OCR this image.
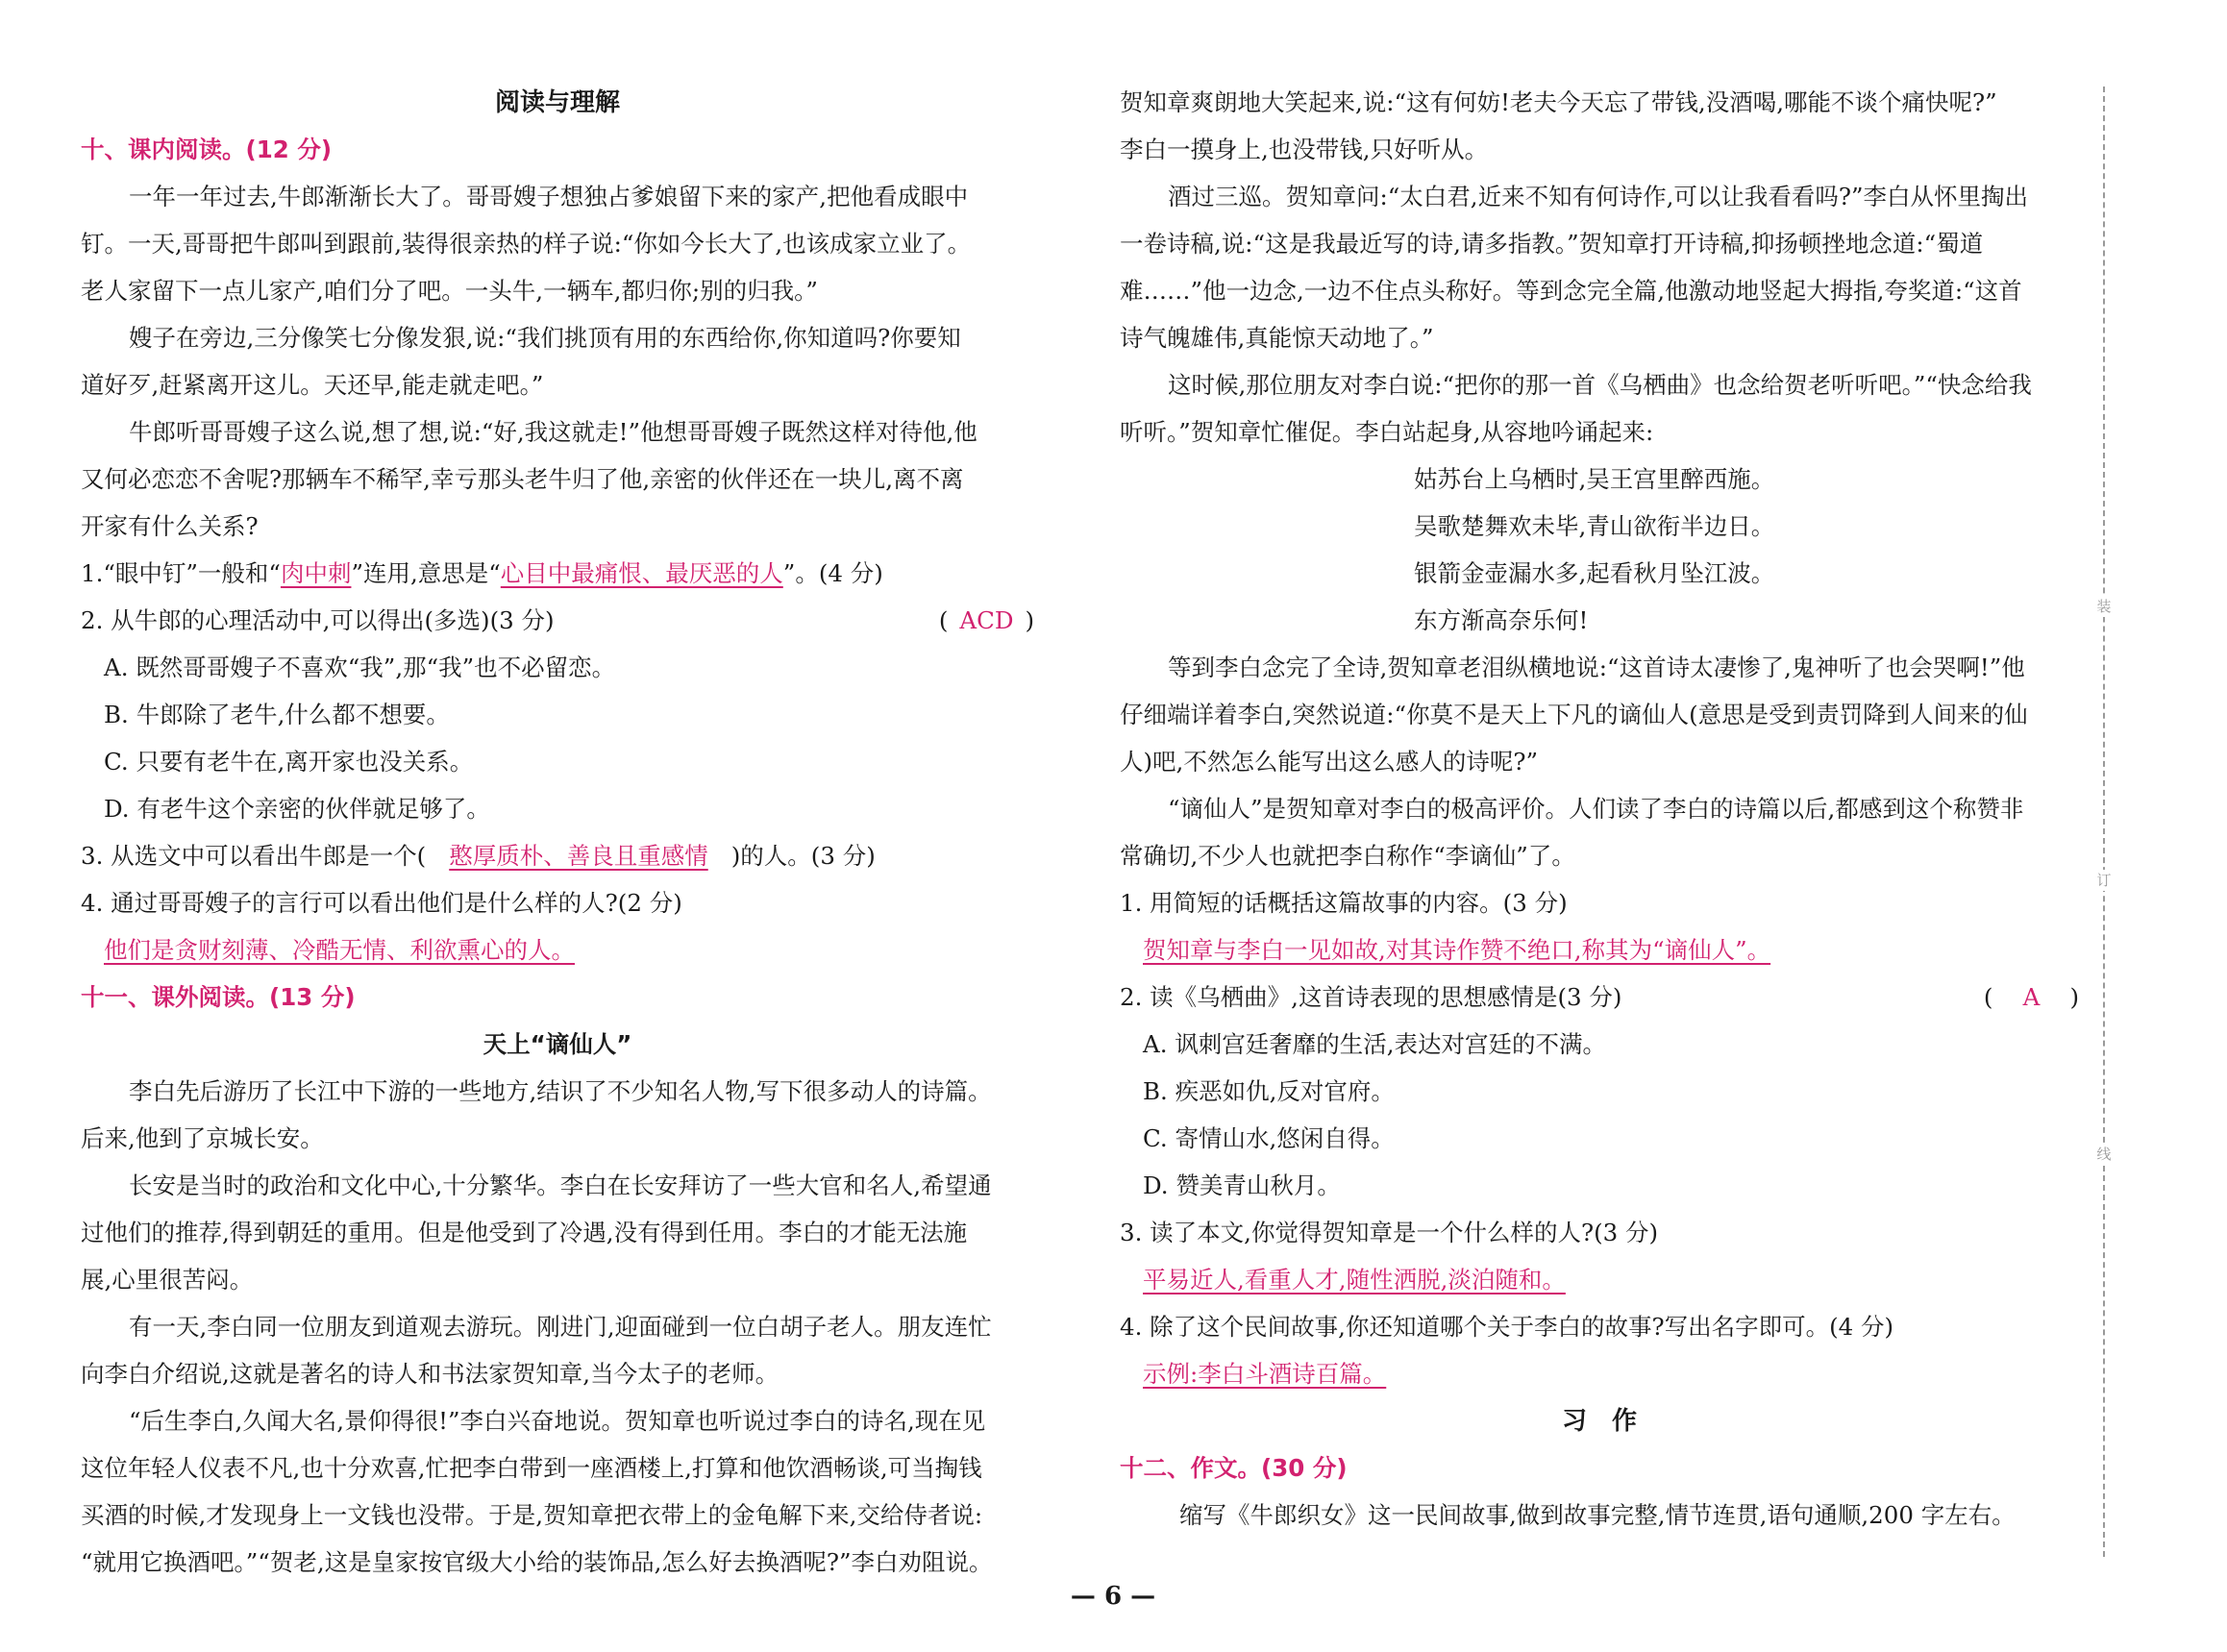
阅读与理解
十、课内阅读。(12 分)
一年一年过去,牛郎渐渐长大了。哥哥嫂子想独占爹娘留下来的家产,把他看成眼中
钉。一天,哥哥把牛郎叫到跟前,装得很亲热的样子说:“你如今长大了,也该成家立业了。
老人家留下一点儿家产,咱们分了吧。一头牛,一辆车,都归你;别的归我。”
嫂子在旁边,三分像笑七分像发狠,说:“我们挑顶有用的东西给你,你知道吗?你要知
道好歹,赶紧离开这儿。天还早,能走就走吧。”
牛郎听哥哥嫂子这么说,想了想,说:“好,我这就走!”他想哥哥嫂子既然这样对待他,他
又何必恋恋不舍呢?那辆车不稀罕,幸亏那头老牛归了他,亲密的伙伴还在一块儿,离不离
开家有什么关系?
1.“眼中钉”一般和“肉中刺”连用,意思是“心目中最痛恨、最厌恶的人”。(4 分)
2. 从牛郎的心理活动中,可以得出(多选)(3 分)	( ACD )
A. 既然哥哥嫂子不喜欢“我”,那“我”也不必留恋。
B. 牛郎除了老牛,什么都不想要。
C. 只要有老牛在,离开家也没关系。
D. 有老牛这个亲密的伙伴就足够了。
3. 从选文中可以看出牛郎是一个( 憨厚质朴、善良且重感情 )的人。(3 分)
4. 通过哥哥嫂子的言行可以看出他们是什么样的人?(2 分)
他们是贪财刻薄、冷酷无情、利欲熏心的人。
十一、课外阅读。(13 分)
天上“谪仙人”
李白先后游历了长江中下游的一些地方,结识了不少知名人物,写下很多动人的诗篇。
后来,他到了京城长安。
长安是当时的政治和文化中心,十分繁华。李白在长安拜访了一些大官和名人,希望通
过他们的推荐,得到朝廷的重用。但是他受到了冷遇,没有得到任用。李白的才能无法施
展,心里很苦闷。
有一天,李白同一位朋友到道观去游玩。刚进门,迎面碰到一位白胡子老人。朋友连忙
向李白介绍说,这就是著名的诗人和书法家贺知章,当今太子的老师。
“后生李白,久闻大名,景仰得很!”李白兴奋地说。贺知章也听说过李白的诗名,现在见
这位年轻人仪表不凡,也十分欢喜,忙把李白带到一座酒楼上,打算和他饮酒畅谈,可当掏钱
买酒的时候,才发现身上一文钱也没带。于是,贺知章把衣带上的金龟解下来,交给侍者说:
“就用它换酒吧。”“贺老,这是皇家按官级大小给的装饰品,怎么好去换酒呢?”李白劝阻说。
贺知章爽朗地大笑起来,说:“这有何妨!老夫今天忘了带钱,没酒喝,哪能不谈个痛快呢?”
李白一摸身上,也没带钱,只好听从。
酒过三巡。贺知章问:“太白君,近来不知有何诗作,可以让我看看吗?”李白从怀里掏出
一卷诗稿,说:“这是我最近写的诗,请多指教。”贺知章打开诗稿,抑扬顿挫地念道:“蜀道
难……”他一边念,一边不住点头称好。等到念完全篇,他激动地竖起大拇指,夸奖道:“这首
诗气魄雄伟,真能惊天动地了。”
这时候,那位朋友对李白说:“把你的那一首《乌栖曲》也念给贺老听听吧。”“快念给我
听听。”贺知章忙催促。李白站起身,从容地吟诵起来:
姑苏台上乌栖时,吴王宫里醉西施。
吴歌楚舞欢未毕,青山欲衔半边日。
银箭金壶漏水多,起看秋月坠江波。
东方渐高奈乐何!
等到李白念完了全诗,贺知章老泪纵横地说:“这首诗太凄惨了,鬼神听了也会哭啊!”他
仔细端详着李白,突然说道:“你莫不是天上下凡的谪仙人(意思是受到责罚降到人间来的仙
人)吧,不然怎么能写出这么感人的诗呢?”
“谪仙人”是贺知章对李白的极高评价。人们读了李白的诗篇以后,都感到这个称赞非
常确切,不少人也就把李白称作“李谪仙”了。
1. 用简短的话概括这篇故事的内容。(3 分)
贺知章与李白一见如故,对其诗作赞不绝口,称其为“谪仙人”。
2. 读《乌栖曲》,这首诗表现的思想感情是(3 分)	( A )
A. 讽刺宫廷奢靡的生活,表达对宫廷的不满。
B. 疾恶如仇,反对官府。
C. 寄情山水,悠闲自得。
D. 赞美青山秋月。
3. 读了本文,你觉得贺知章是一个什么样的人?(3 分)
平易近人,看重人才,随性洒脱,淡泊随和。
4. 除了这个民间故事,你还知道哪个关于李白的故事?写出名字即可。(4 分)
示例:李白斗酒诗百篇。
习　作
十二、作文。(30 分)
缩写《牛郎织女》这一民间故事,做到故事完整,情节连贯,语句通顺,200 字左右。
装
订
线
— 6 —
